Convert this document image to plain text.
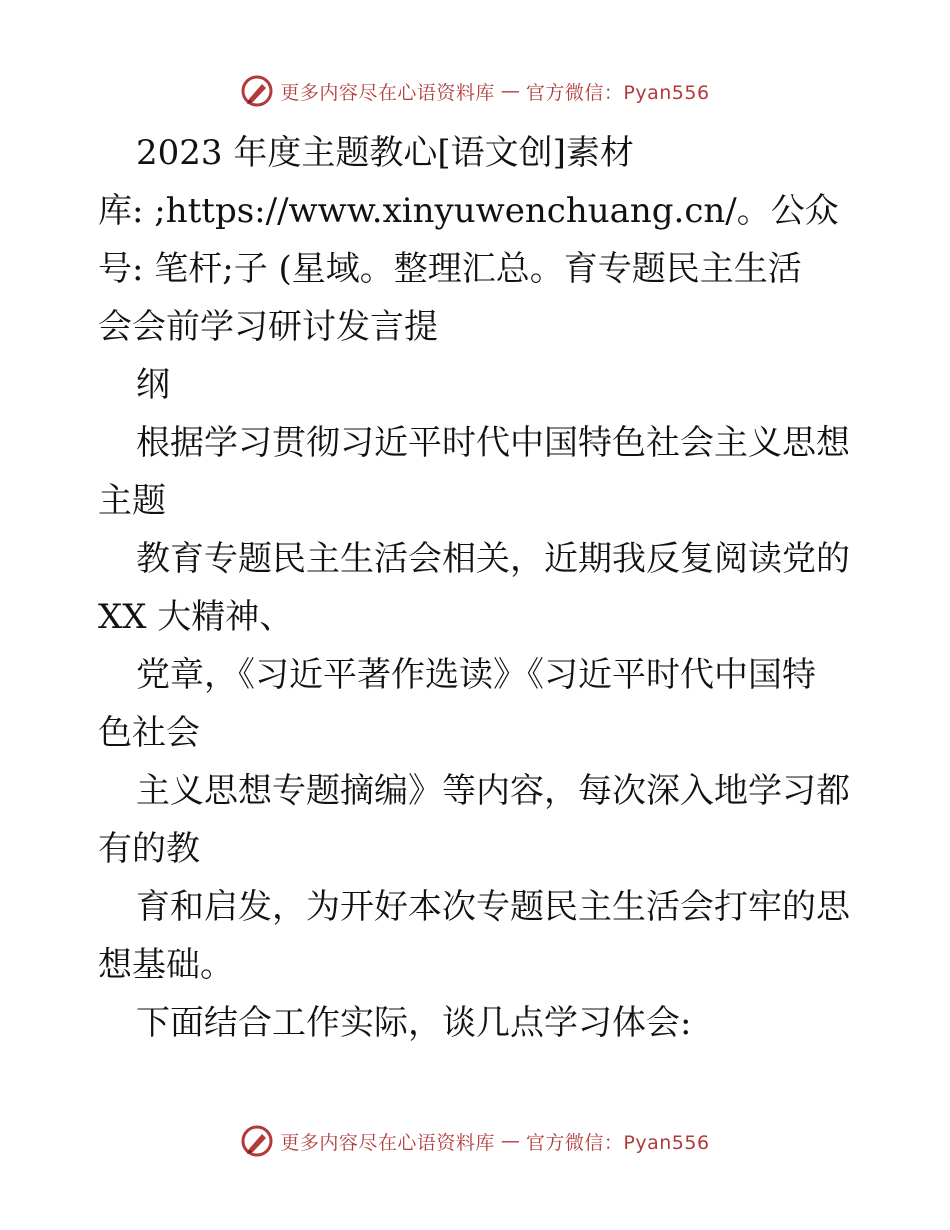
更多内容尽在心语资料库 — 官方微信：Pyan556
2023 年度主题教心[语文创]素材
库: ;https://www.xinyuwenchuang.cn/。公众
号: 笔杆;子 (星域。整理汇总。育专题民主生活
会会前学习研讨发言提
纲
根据学习贯彻习近平时代中国特色社会主义思想
主题
教育专题民主生活会相关，近期我反复阅读党的
XX 大精神、
党章，《习近平著作选读》《习近平时代中国特
色社会
主义思想专题摘编》等内容，每次深入地学习都
有的教
育和启发，为开好本次专题民主生活会打牢的思
想基础。
下面结合工作实际，谈几点学习体会:
更多内容尽在心语资料库 — 官方微信：Pyan556
